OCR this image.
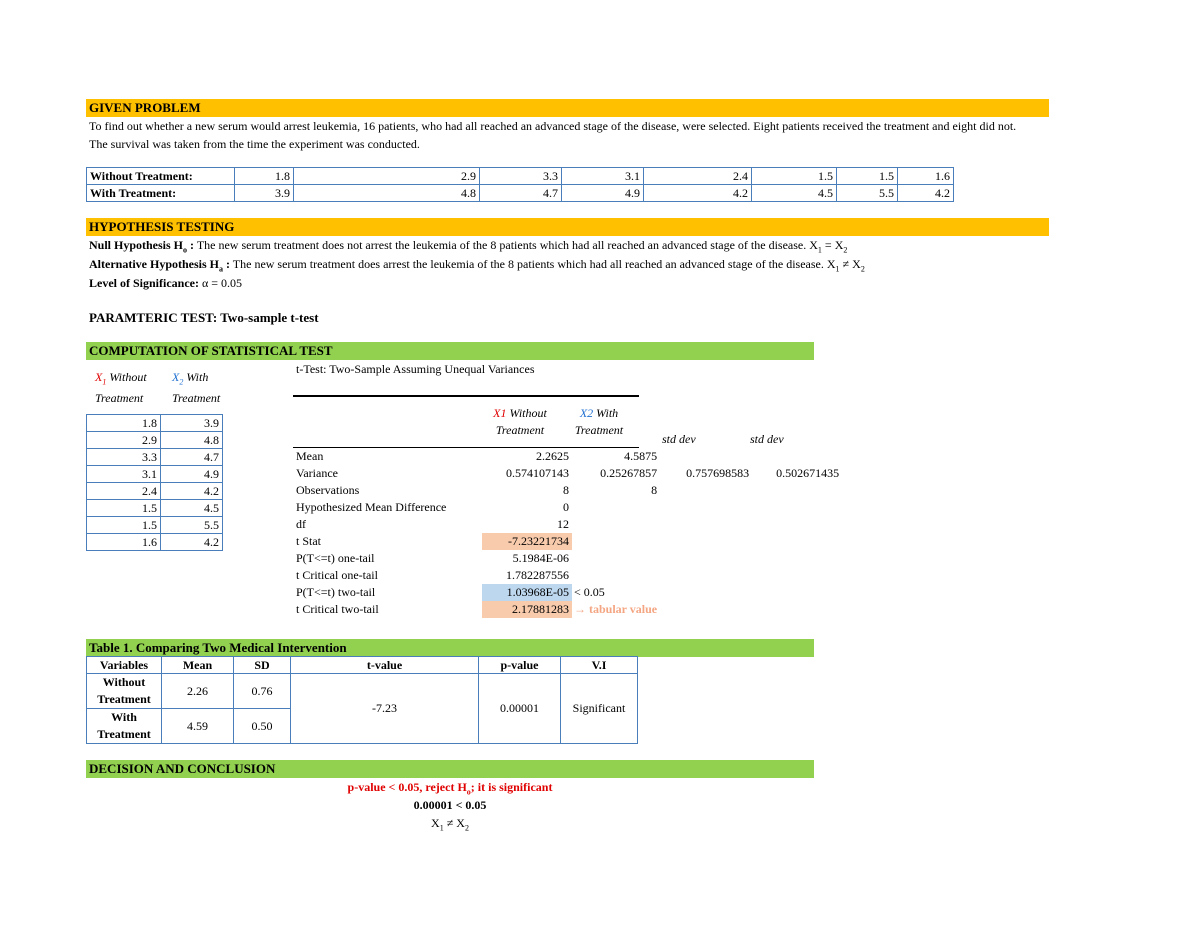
GIVEN PROBLEM
To find out whether a new serum would arrest leukemia, 16 patients, who had all reached an advanced stage of the disease, were selected. Eight patients received the treatment and eight did not. The survival was taken from the time the experiment was conducted.
Without Treatment:	1.8	2.9	3.3	3.1	2.4	1.5	1.5	1.6
With Treatment:	3.9	4.8	4.7	4.9	4.2	4.5	5.5	4.2
HYPOTHESIS TESTING
Null Hypothesis $H_o$ : The new serum treatment does not arrest the leukemia of the 8 patients which had all reached an advanced stage of the disease. $X_1 = X_2$
Alternative Hypothesis $H_a$ : The new serum treatment does arrest the leukemia of the 8 patients which had all reached an advanced stage of the disease. $X_1 \ne X_2$
Level of Significance: α = 0.05
PARAMTERIC TEST: Two-sample t-test
COMPUTATION OF STATISTICAL TEST
$X_1$ Without
Treatment
$X_2$ With
Treatment
1.8	3.9
2.9	4.8
3.3	4.7
3.1	4.9
2.4	4.2
1.5	4.5
1.5	5.5
1.6	4.2
t-Test: Two-Sample Assuming Unequal Variances
X1 Without
Treatment
X2 With
Treatment
std dev	std dev
Mean	2.2625	4.5875		
Variance	0.574107143	0.25267857	0.757698583	0.502671435
Observations	8	8		
Hypothesized Mean Difference	0			
df	12			
t Stat	-7.23221734			
P(T<=t) one-tail	5.1984E-06			
t Critical one-tail	1.782287556			
P(T<=t) two-tail	1.03968E-05	< 0.05		
t Critical two-tail	2.17881283	→ tabular value		
Table 1. Comparing Two Medical Intervention
Variables	Mean	SD	t-value	p-value	V.I
Without
Treatment	2.26	0.76	-7.23	0.00001	Significant
With
Treatment	4.59	0.50			
DECISION AND CONCLUSION
p-value < 0.05, reject $H_o$; it is significant
0.00001 < 0.05
$X_1 \ne X_2$
